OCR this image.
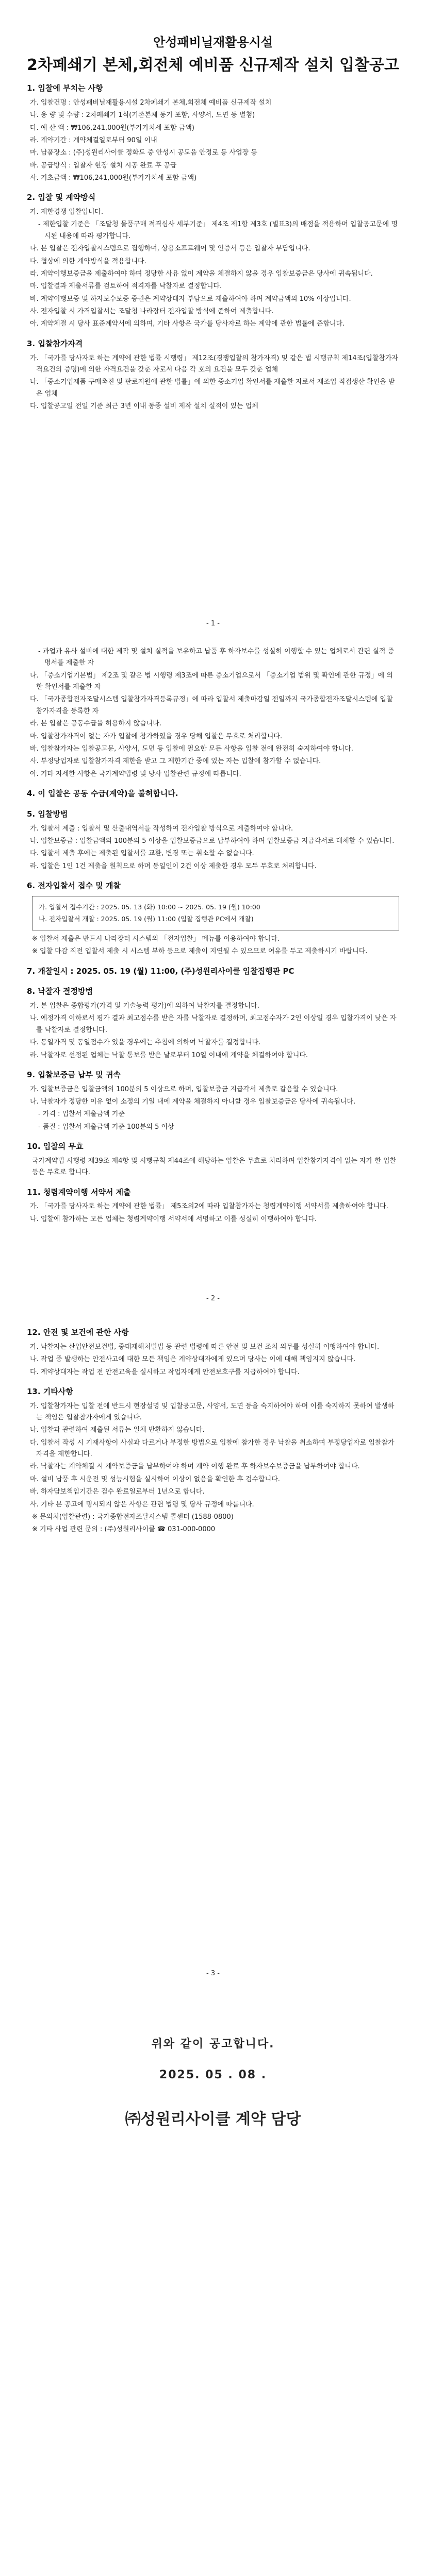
안성패비닐재활용시설
2차페쇄기 본체,회전체 예비품 신규제작 설치 입찰공고
1. 입찰에 부치는 사항

가. 입찰건명 : 안성패비닐재활용시설 2차페쇄기 본체,회전체 예비품 신규제작 설치

나. 용 량 및 수량 : 2차페쇄기 1식(기존본체 동기 포함, 사양서, 도면 등 별첨)

다. 예 산 액 : ₩106,241,000원(부가가치세 포함 금액)

라. 계약기간 : 계약체결일로부터 90일 이내

마. 납품장소 : (주)성원리사이클 정화도 중 안성시 공도읍 안정로 등 사업장 등

바. 공급방식 : 입찰자 현장 설치 시공 완료 후 공급

사. 기초금액 : ₩106,241,000원(부가가치세 포함 금액)

2. 입찰 및 계약방식

가. 제한경쟁 입찰입니다.

- 제한입찰 기준은 「조달청 물품구매 적격심사 세부기준」 제4조 제1항 제3호 (별표3)의 배점을 적용하며 입찰공고문에 명시된 내용에 따라 평가합니다.

나. 본 입찰은 전자입찰시스템으로 집행하며, 상용소프트웨어 및 인증서 등은 입찰자 부담입니다.

다. 협상에 의한 계약방식을 적용합니다.

라. 계약이행보증금을 제출하여야 하며 정당한 사유 없이 계약을 체결하지 않을 경우 입찰보증금은 당사에 귀속됩니다.

마. 입찰결과 제출서류를 검토하여 적격자를 낙찰자로 결정합니다.

바. 계약이행보증 및 하자보수보증 증권은 계약상대자 부담으로 제출하여야 하며 계약금액의 10% 이상입니다.

사. 전자입찰 시 가격입찰서는 조달청 나라장터 전자입찰 방식에 준하여 제출합니다.

아. 계약체결 시 당사 표준계약서에 의하며, 기타 사항은 국가를 당사자로 하는 계약에 관한 법률에 준합니다.

3. 입찰참가자격

가. 「국가를 당사자로 하는 계약에 관한 법률 시행령」 제12조(경쟁입찰의 참가자격) 및 같은 법 시행규칙 제14조(입찰참가자격요건의 증명)에 의한 자격요건을 갖춘 자로서 다음 각 호의 요건을 모두 갖춘 업체

나. 「중소기업제품 구매촉진 및 판로지원에 관한 법률」에 의한 중소기업 확인서를 제출한 자로서 제조업 직접생산 확인을 받은 업체

다. 입찰공고일 전일 기준 최근 3년 이내 동종 설비 제작 설치 실적이 있는 업체

- 1 -

- 과업과 유사 설비에 대한 제작 및 설치 실적을 보유하고 납품 후 하자보수를 성실히 이행할 수 있는 업체로서 관련 실적 증명서를 제출한 자

나. 「중소기업기본법」 제2조 및 같은 법 시행령 제3조에 따른 중소기업으로서 「중소기업 범위 및 확인에 관한 규정」에 의한 확인서를 제출한 자

다. 「국가종합전자조달시스템 입찰참가자격등록규정」에 따라 입찰서 제출마감일 전일까지 국가종합전자조달시스템에 입찰참가자격을 등록한 자

라. 본 입찰은 공동수급을 허용하지 않습니다.

마. 입찰참가자격이 없는 자가 입찰에 참가하였을 경우 당해 입찰은 무효로 처리합니다.

바. 입찰참가자는 입찰공고문, 사양서, 도면 등 입찰에 필요한 모든 사항을 입찰 전에 완전히 숙지하여야 합니다.

사. 부정당업자로 입찰참가자격 제한을 받고 그 제한기간 중에 있는 자는 입찰에 참가할 수 없습니다.

아. 기타 자세한 사항은 국가계약법령 및 당사 입찰관련 규정에 따릅니다.

4. 이 입찰은 공동 수급(계약)을 불허합니다.
5. 입찰방법

가. 입찰서 제출 : 입찰서 및 산출내역서를 작성하여 전자입찰 방식으로 제출하여야 합니다.

나. 입찰보증금 : 입찰금액의 100분의 5 이상을 입찰보증금으로 납부하여야 하며 입찰보증금 지급각서로 대체할 수 있습니다.

다. 입찰서 제출 후에는 제출된 입찰서를 교환, 변경 또는 취소할 수 없습니다.

라. 입찰은 1인 1건 제출을 원칙으로 하며 동일인이 2건 이상 제출한 경우 모두 무효로 처리합니다.

6. 전자입찰서 접수 및 개찰

가. 입찰서 접수기간 : 2025. 05. 13 (화) 10:00 ~ 2025. 05. 19 (월) 10:00

나. 전자입찰서 개찰 : 2025. 05. 19 (월) 11:00 (입찰 집행관 PC에서 개찰)

※ 입찰서 제출은 반드시 나라장터 시스템의 「전자입찰」 메뉴를 이용하여야 합니다.

※ 입찰 마감 직전 입찰서 제출 시 시스템 부하 등으로 제출이 지연될 수 있으므로 여유를 두고 제출하시기 바랍니다.

7. 개찰일시 : 2025. 05. 19 (월) 11:00, (주)성원리사이클 입찰집행관 PC
8. 낙찰자 결정방법

가. 본 입찰은 종합평가(가격 및 기술능력 평가)에 의하여 낙찰자를 결정합니다.

나. 예정가격 이하로서 평가 결과 최고점수를 받은 자를 낙찰자로 결정하며, 최고점수자가 2인 이상일 경우 입찰가격이 낮은 자를 낙찰자로 결정합니다.

다. 동일가격 및 동일점수가 있을 경우에는 추첨에 의하여 낙찰자를 결정합니다.

라. 낙찰자로 선정된 업체는 낙찰 통보를 받은 날로부터 10일 이내에 계약을 체결하여야 합니다.

9. 입찰보증금 납부 및 귀속

가. 입찰보증금은 입찰금액의 100분의 5 이상으로 하며, 입찰보증금 지급각서 제출로 갈음할 수 있습니다.

나. 낙찰자가 정당한 이유 없이 소정의 기일 내에 계약을 체결하지 아니할 경우 입찰보증금은 당사에 귀속됩니다.

- 가격 : 입찰서 제출금액 기준

- 품질 : 입찰서 제출금액 기준 100분의 5 이상

10. 입찰의 무효

국가계약법 시행령 제39조 제4항 및 시행규칙 제44조에 해당하는 입찰은 무효로 처리하며 입찰참가자격이 없는 자가 한 입찰 등은 무효로 합니다.

11. 청렴계약이행 서약서 제출

가. 「국가를 당사자로 하는 계약에 관한 법률」 제5조의2에 따라 입찰참가자는 청렴계약이행 서약서를 제출하여야 합니다.

나. 입찰에 참가하는 모든 업체는 청렴계약이행 서약서에 서명하고 이를 성실히 이행하여야 합니다.

- 2 -
12. 안전 및 보건에 관한 사항

가. 낙찰자는 산업안전보건법, 중대재해처벌법 등 관련 법령에 따른 안전 및 보건 조치 의무를 성실히 이행하여야 합니다.

나. 작업 중 발생하는 안전사고에 대한 모든 책임은 계약상대자에게 있으며 당사는 이에 대해 책임지지 않습니다.

다. 계약상대자는 작업 전 안전교육을 실시하고 작업자에게 안전보호구를 지급하여야 합니다.

13. 기타사항

가. 입찰참가자는 입찰 전에 반드시 현장설명 및 입찰공고문, 사양서, 도면 등을 숙지하여야 하며 이를 숙지하지 못하여 발생하는 책임은 입찰참가자에게 있습니다.

나. 입찰과 관련하여 제출된 서류는 일체 반환하지 않습니다.

다. 입찰서 작성 시 기재사항이 사실과 다르거나 부정한 방법으로 입찰에 참가한 경우 낙찰을 취소하며 부정당업자로 입찰참가자격을 제한합니다.

라. 낙찰자는 계약체결 시 계약보증금을 납부하여야 하며 계약 이행 완료 후 하자보수보증금을 납부하여야 합니다.

마. 설비 납품 후 시운전 및 성능시험을 실시하여 이상이 없음을 확인한 후 검수합니다.

바. 하자담보책임기간은 검수 완료일로부터 1년으로 합니다.

사. 기타 본 공고에 명시되지 않은 사항은 관련 법령 및 당사 규정에 따릅니다.

※ 문의처(입찰관련) : 국가종합전자조달시스템 콜센터 (1588-0800)

※ 기타 사업 관련 문의 : (주)성원리사이클 ☎ 031-000-0000

- 3 -
위와 같이 공고합니다.
2025. 05 . 08 .
㈜성원리사이클 계약 담당
